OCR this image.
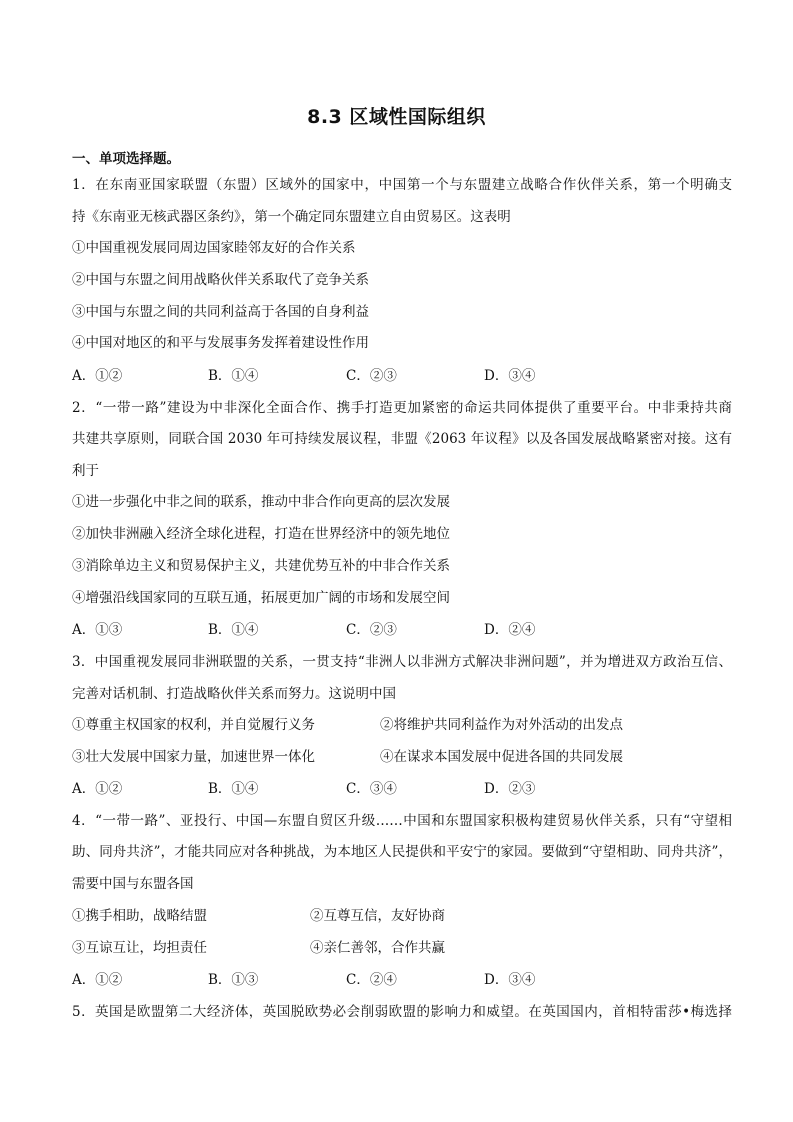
8.3 区域性国际组织
一、单项选择题。
1．在东南亚国家联盟（东盟）区域外的国家中，中国第一个与东盟建立战略合作伙伴关系，第一个明确支
持《东南亚无核武器区条约》，第一个确定同东盟建立自由贸易区。这表明
①中国重视发展同周边国家睦邻友好的合作关系
②中国与东盟之间用战略伙伴关系取代了竞争关系
③中国与东盟之间的共同利益高于各国的自身利益
④中国对地区的和平与发展事务发挥着建设性作用
A．①②	B．①④	C．②③	D．③④
2．“一带一路”建设为中非深化全面合作、携手打造更加紧密的命运共同体提供了重要平台。中非秉持共商
共建共享原则，同联合国 2030 年可持续发展议程，非盟《2063 年议程》以及各国发展战略紧密对接。这有
利于
①进一步强化中非之间的联系，推动中非合作向更高的层次发展
②加快非洲融入经济全球化进程，打造在世界经济中的领先地位
③消除单边主义和贸易保护主义，共建优势互补的中非合作关系
④增强沿线国家同的互联互通，拓展更加广阔的市场和发展空间
A．①③	B．①④	C．②③	D．②④
3．中国重视发展同非洲联盟的关系，一贯支持“非洲人以非洲方式解决非洲问题”，并为增进双方政治互信、
完善对话机制、打造战略伙伴关系而努力。这说明中国
①尊重主权国家的权利，并自觉履行义务	②将维护共同利益作为对外活动的出发点
③壮大发展中国家力量，加速世界一体化	④在谋求本国发展中促进各国的共同发展
A．①②	B．①④	C．③④	D．②③
4．“一带一路”、亚投行、中国—东盟自贸区升级……中国和东盟国家积极构建贸易伙伴关系，只有“守望相
助、同舟共济”，才能共同应对各种挑战，为本地区人民提供和平安宁的家园。要做到“守望相助、同舟共济”，
需要中国与东盟各国
①携手相助，战略结盟	②互尊互信，友好协商
③互谅互让，均担责任	④亲仁善邻，合作共赢
A．①②	B．①③	C．②④	D．③④
5．英国是欧盟第二大经济体，英国脱欧势必会削弱欧盟的影响力和威望。在英国国内，首相特雷莎•梅选择
